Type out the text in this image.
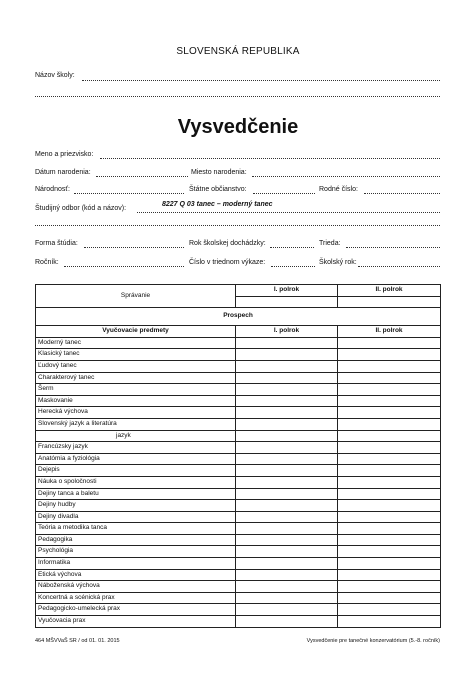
SLOVENSKÁ REPUBLIKA
Názov školy:
Vysvedčenie
Meno a priezvisko:
Dátum narodenia:	Miesto narodenia:
Národnosť:	Štátne občianstvo:	Rodné číslo:
Študijný odbor (kód a názov):
8227 Q 03 tanec – moderný tanec
Forma štúdia:	Rok školskej dochádzky:	Trieda:
Ročník:	Číslo v triednom výkaze:	Školský rok:
Správanie	I. polrok	II. polrok

Prospech		
Vyučovacie predmety	I. polrok	II. polrok
Moderný tanec		
Klasický tanec		
Ľudový tanec		
Charakterový tanec		
Šerm		
Maskovanie		
Herecká výchova		
Slovenský jazyk a literatúra		
jazyk		
Francúzsky jazyk		
Anatómia a fyziológia		
Dejepis		
Náuka o spoločnosti		
Dejiny tanca a baletu		
Dejiny hudby		
Dejiny divadla		
Teória a metodika tanca		
Pedagogika		
Psychológia		
Informatika		
Etická výchova		
Náboženská výchova		
Koncertná a scénická prax		
Pedagogicko-umelecká prax		
Vyučovacia prax		
464 MŠVVaŠ SR / od 01. 01. 2015	Vysvedčenie pre tanečné konzervatórium (5.-8. ročník)
